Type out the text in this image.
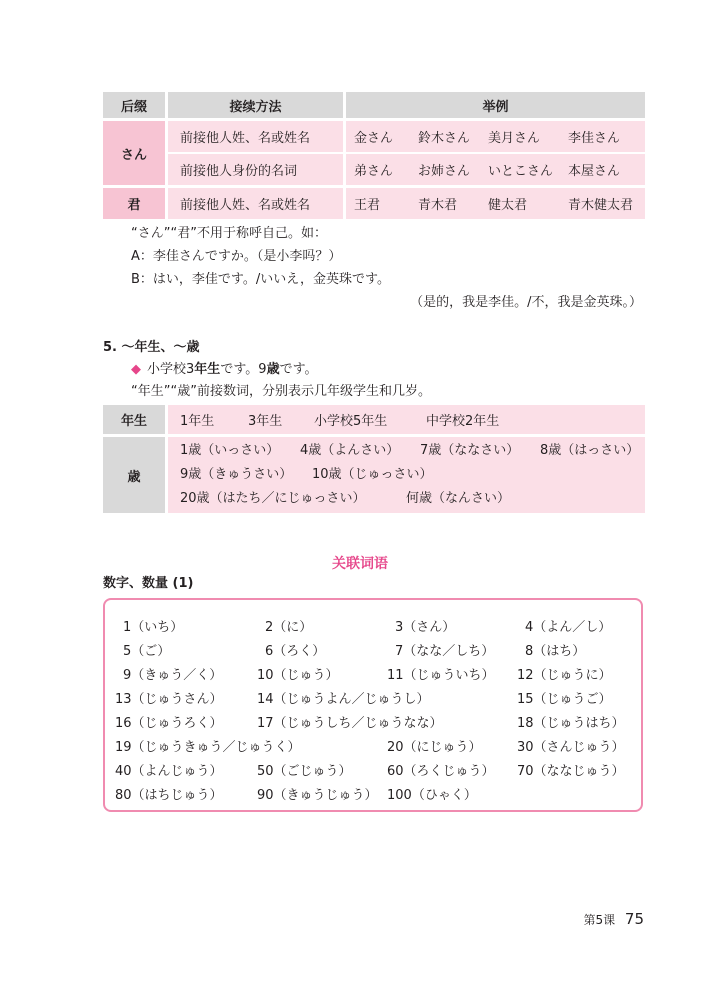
后缀	接续方法	举例
さん	前接他人姓、名或姓名	金さん 鈴木さん 美月さん 李佳さん

	前接他人身份的名词	弟さん お姉さん いとこさん 本屋さん

君	前接他人姓、名或姓名	王君 青木君 健太君 青木健太君
“さん”“君”不用于称呼自己。如：
A：李佳さんですか。（是小李吗？）
B：はい，李佳です。/いいえ，金英珠です。
（是的，我是李佳。/不，我是金英珠。）
5. ～年生、～歳
◆ 小学校3年生です。9歳です。
“年生”“歳”前接数词，分别表示几年级学生和几岁。
年生	1年生 3年生 小学校5年生 中学校2年生
歳	1歳（いっさい） 4歳（よんさい） 7歳（ななさい） 8歳（はっさい）
9歳（きゅうさい） 10歳（じゅっさい）
20歳（はたち／にじゅっさい） 何歳（なんさい）
关联词语
数字、数量 (1)
1（いち）	2（に）	3（さん）	4（よん／し）
5（ご）	6（ろく）	7（なな／しち） 8（はち）
9（きゅう／く）	10（じゅう）	11（じゅういち） 12（じゅうに）
13（じゅうさん）	14（じゅうよん／じゅうし）	15（じゅうご）
16（じゅうろく）	17（じゅうしち／じゅうなな）	18（じゅうはち）
19（じゅうきゅう／じゅうく）	20（にじゅう）	30（さんじゅう）
40（よんじゅう）	50（ごじゅう）	60（ろくじゅう） 70（ななじゅう）
80（はちじゅう）	90（きゅうじゅう） 100（ひゃく）
第5课 75
